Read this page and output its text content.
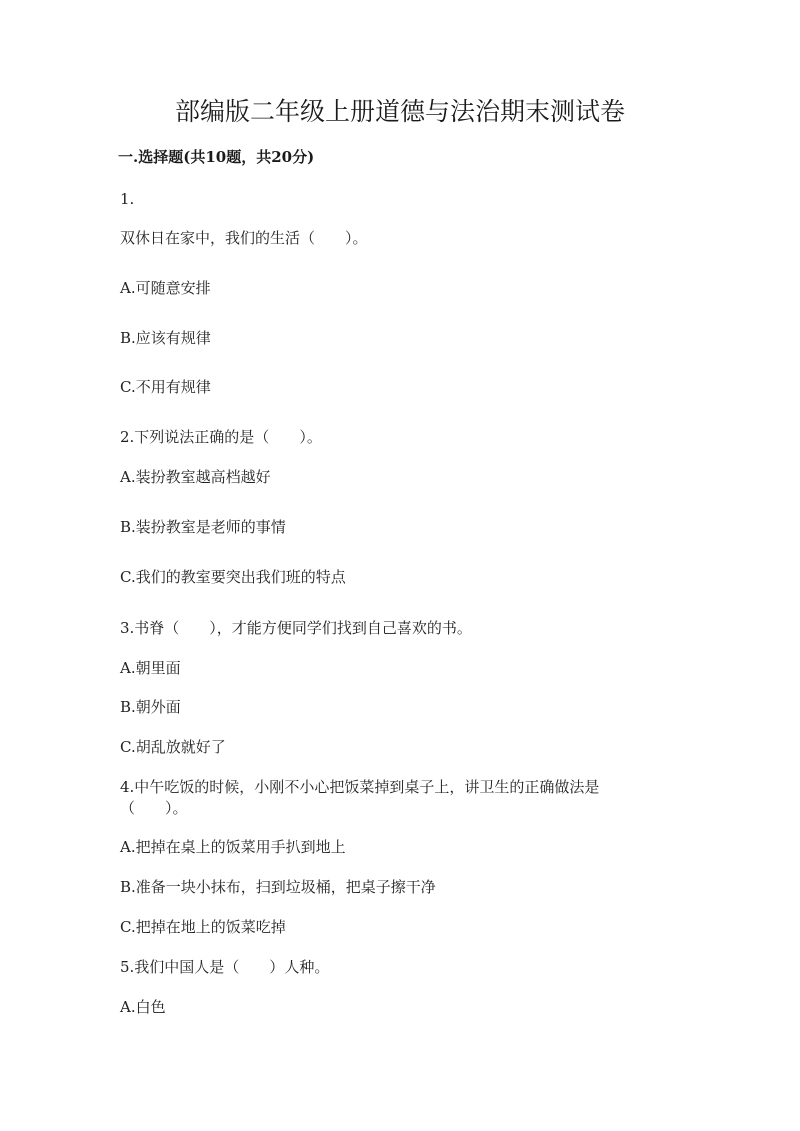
部编版二年级上册道德与法治期末测试卷
一.选择题(共10题，共20分)
1.
双休日在家中，我们的生活（　　）。
A.可随意安排
B.应该有规律
C.不用有规律
2.下列说法正确的是（　　）。
A.装扮教室越高档越好
B.装扮教室是老师的事情
C.我们的教室要突出我们班的特点
3.书脊（　　），才能方便同学们找到自己喜欢的书。
A.朝里面
B.朝外面
C.胡乱放就好了
4.中午吃饭的时候，小刚不小心把饭菜掉到桌子上，讲卫生的正确做法是
（　　）。
A.把掉在桌上的饭菜用手扒到地上
B.准备一块小抹布，扫到垃圾桶，把桌子擦干净
C.把掉在地上的饭菜吃掉
5.我们中国人是（　　）人种。
A.白色
